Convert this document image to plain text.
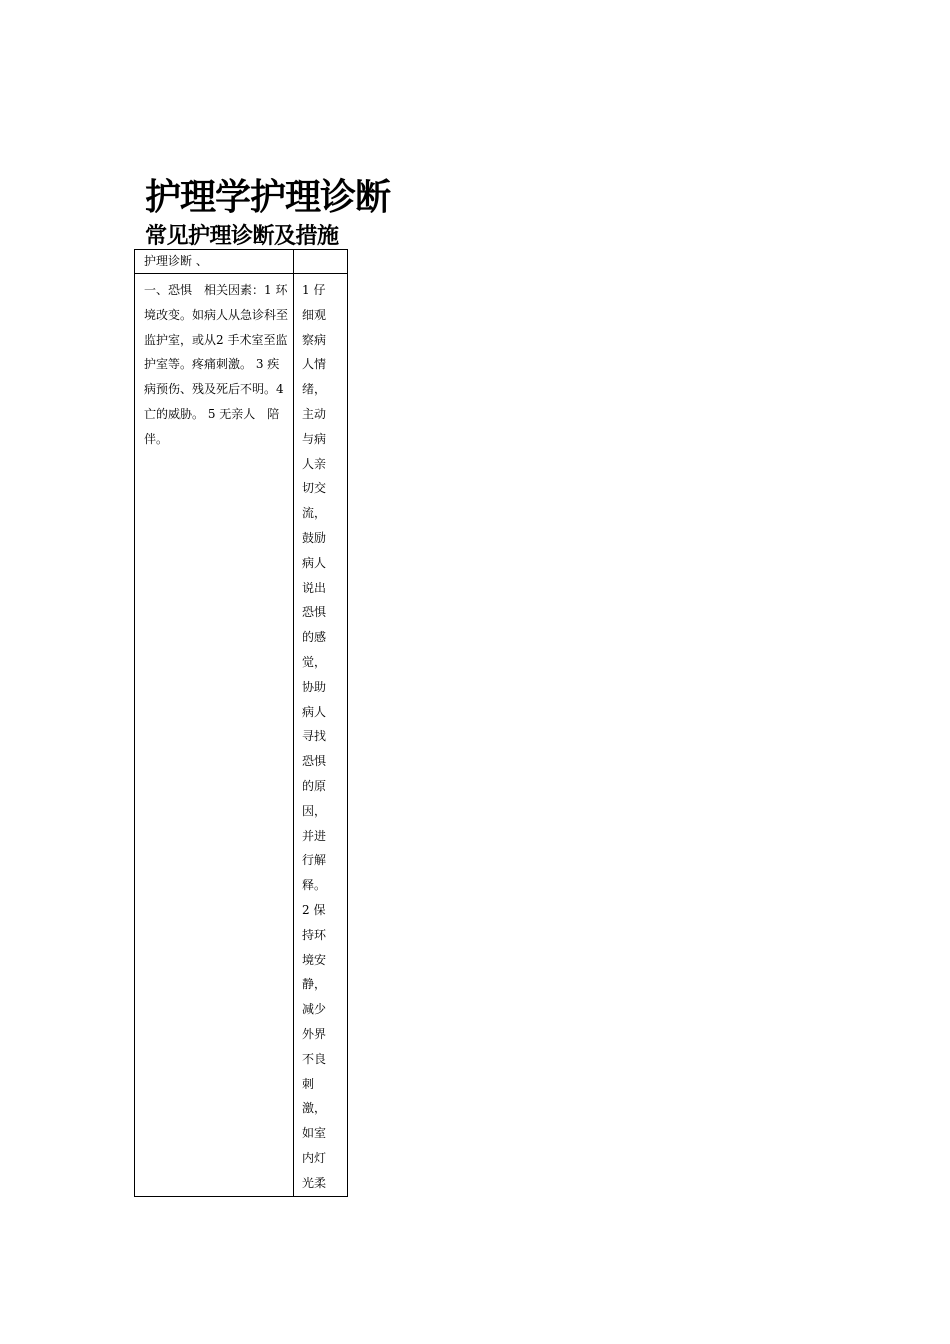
护理学护理诊断
常见护理诊断及措施
护理诊断 、	

一、恐惧　相关因素：1 环境改变。如病人从急诊科至监护室，或从2 手术室至监护室等。疼痛刺激。 3 疾病预伤、残及死后不明。4 亡的威胁。 5 无亲人　陪伴。	1 仔细观察病人情绪，主动与病人亲切交流，鼓励病人说出恐惧的感觉，协助病人寻找恐惧的原因，并进行解释。2 保持环境安静，减少外界不良刺激，如室内灯光柔
